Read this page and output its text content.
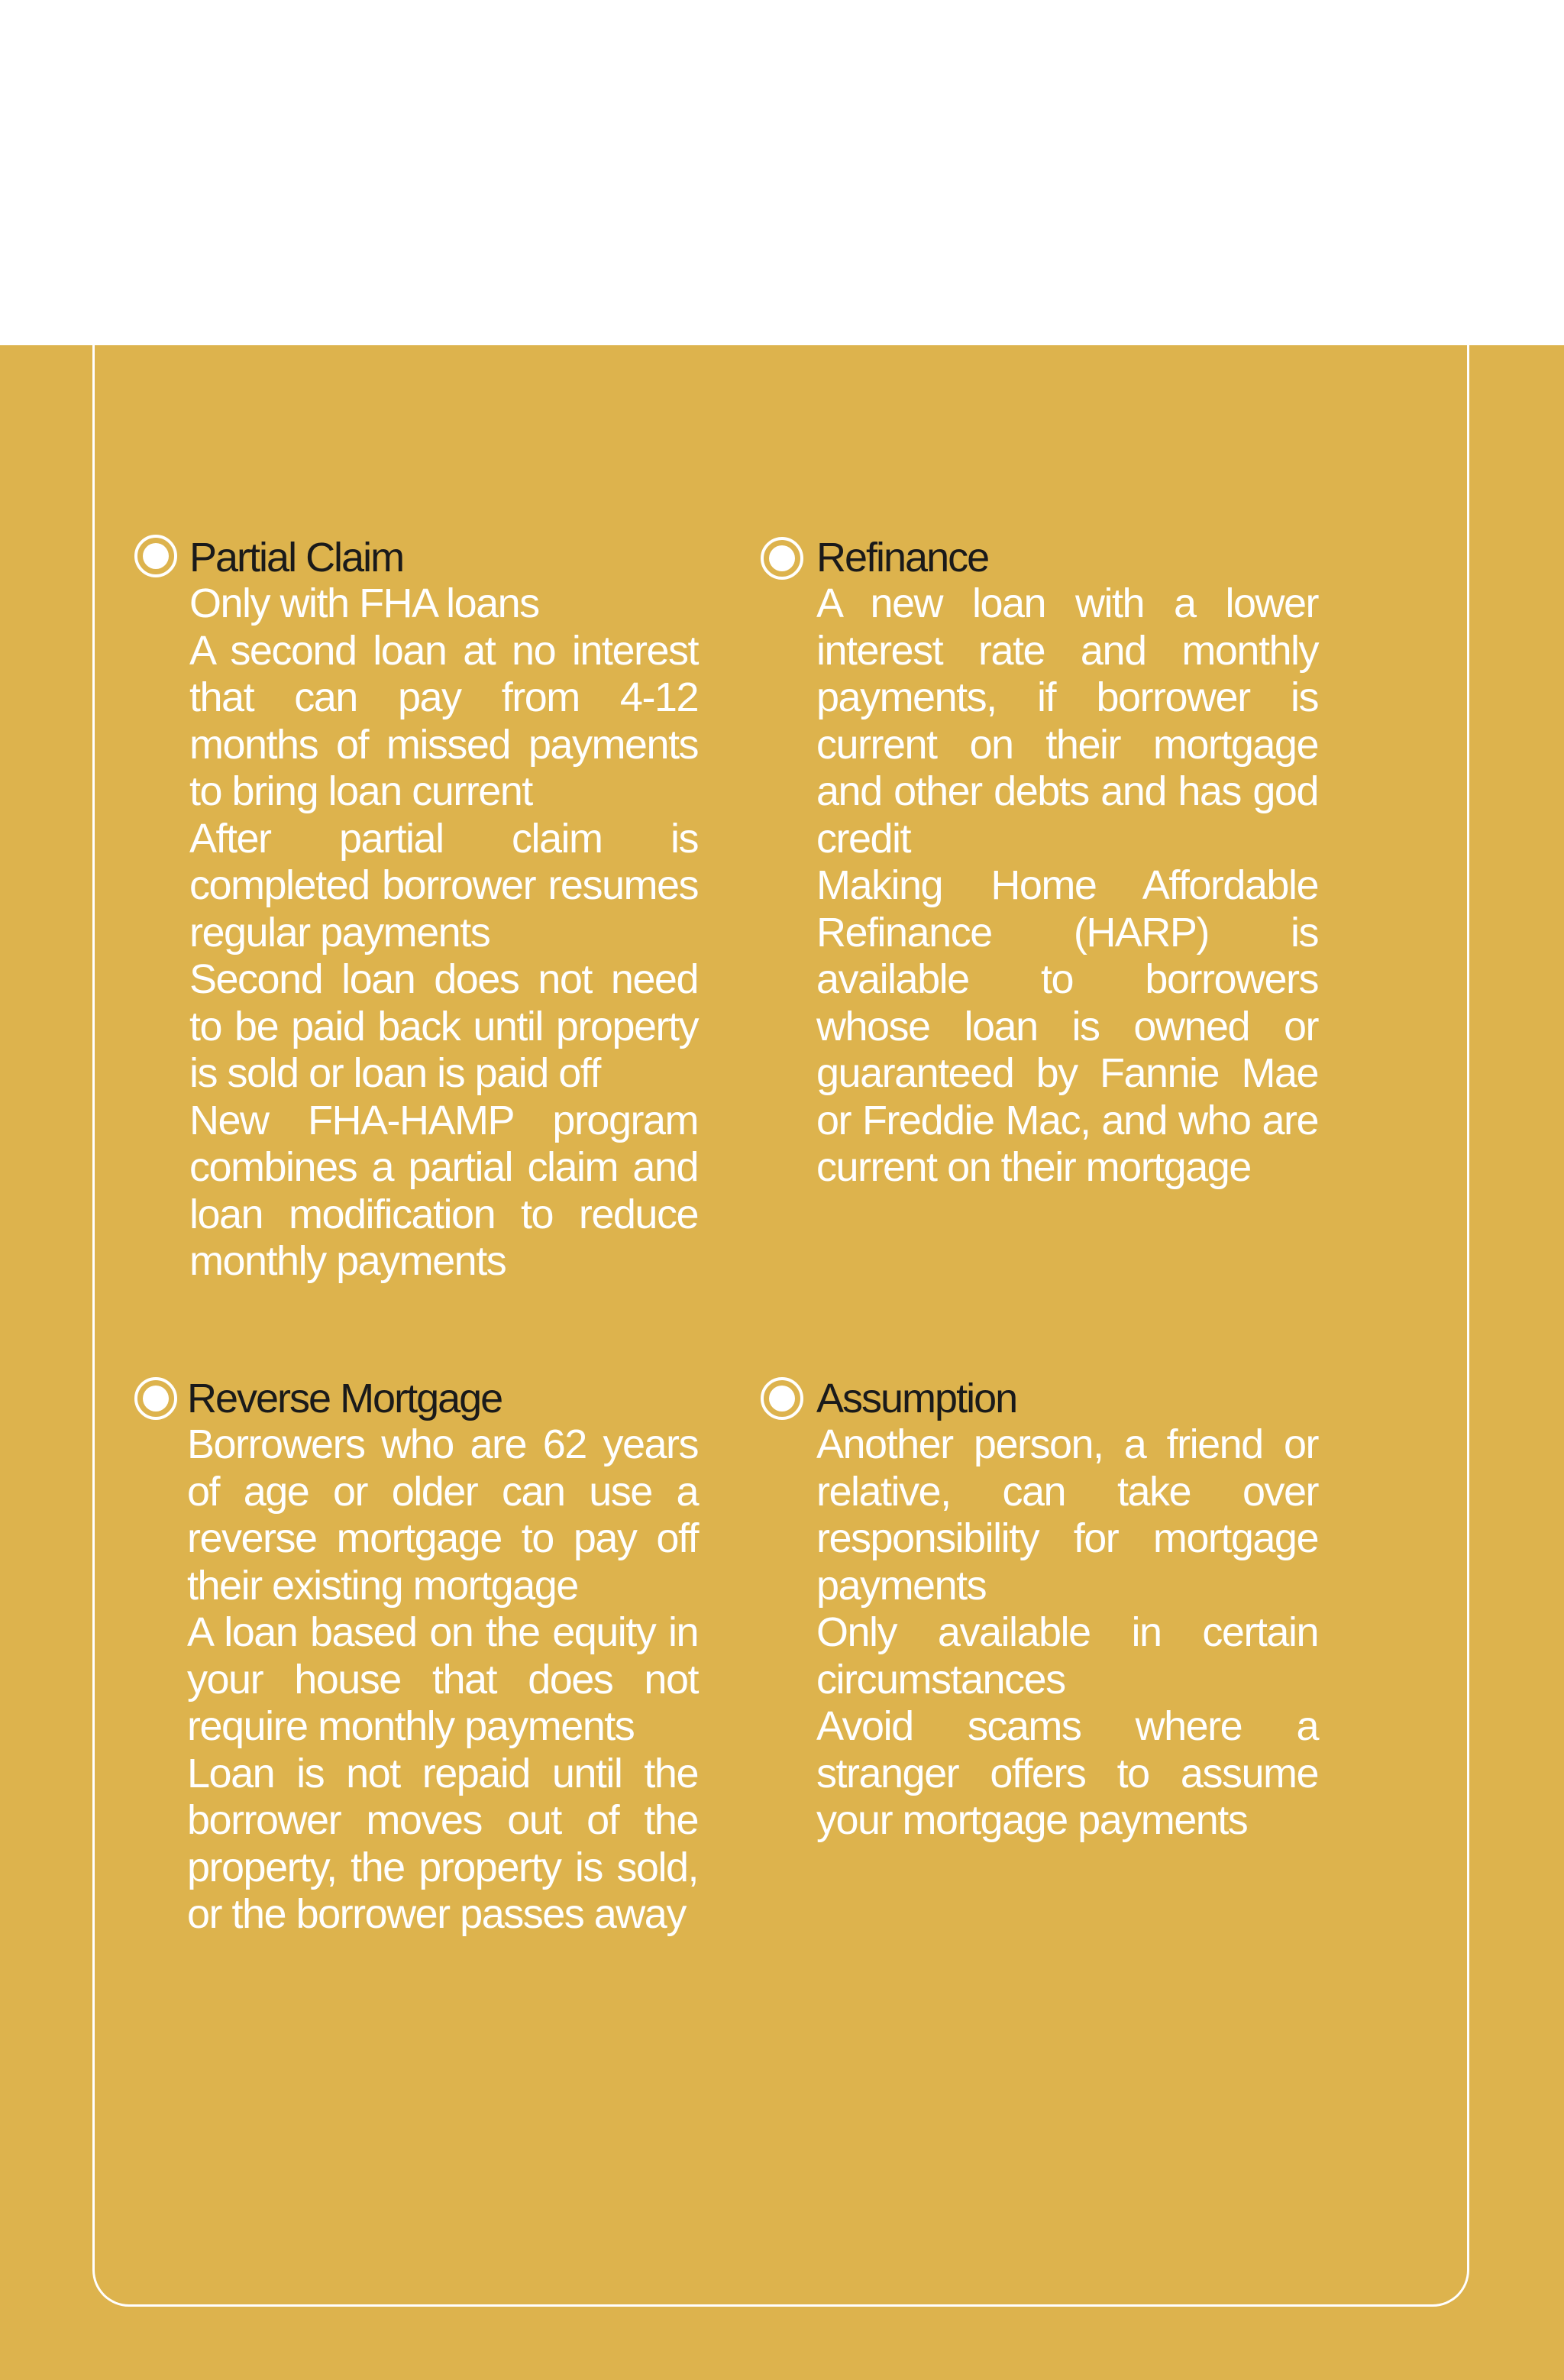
Partial Claim

Only with FHA loans

A second loan at no interest that can pay from 4-12 months of missed payments to bring loan current

After partial claim is completed borrower resumes regular payments

Second loan does not need to be paid back until property is sold or loan is paid off

New FHA-HAMP program combines a partial claim and loan modification to reduce monthly payments

Refinance

A new loan with a lower interest rate and monthly payments, if borrower is current on their mortgage and other debts and has god credit

Making Home Affordable Refinance (HARP) is available to borrowers whose loan is owned or guaranteed by Fannie Mae or Freddie Mac, and who are current on their mortgage

Reverse Mortgage

Borrowers who are 62 years of age or older can use a reverse mortgage to pay off their existing mortgage

A loan based on the equity in your house that does not require monthly payments

Loan is not repaid until the borrower moves out of the property, the property is sold, or the borrower passes away

Assumption

Another person, a friend or relative, can take over responsibility for mortgage payments

Only available in certain circumstances

Avoid scams where a stranger offers to assume your mortgage payments
